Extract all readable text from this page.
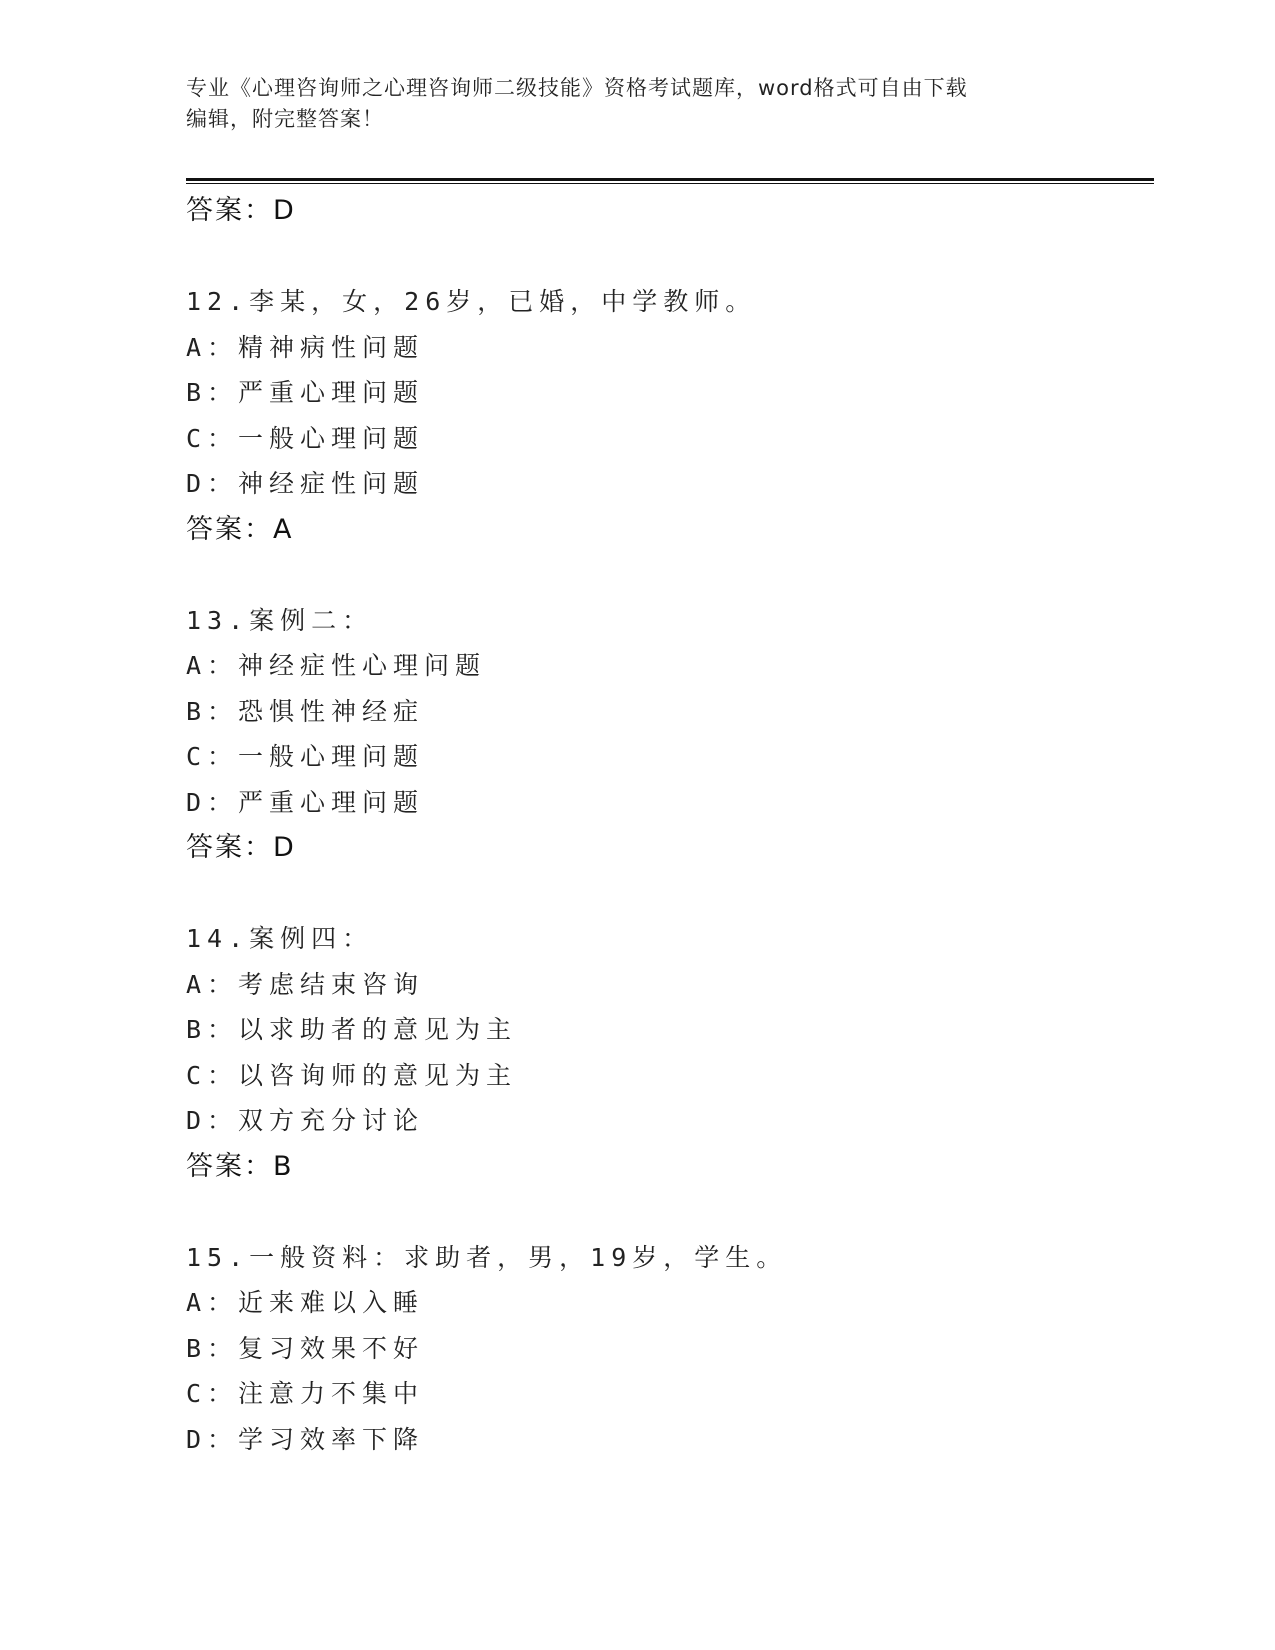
专业《心理咨询师之心理咨询师二级技能》资格考试题库，word格式可自由下载
编辑，附完整答案！
答案：D
12.李某，女，26岁，已婚，中学教师。
A：精神病性问题
B：严重心理问题
C：一般心理问题
D：神经症性问题
答案：A
13.案例二：
A：神经症性心理问题
B：恐惧性神经症
C：一般心理问题
D：严重心理问题
答案：D
14.案例四：
A：考虑结束咨询
B：以求助者的意见为主
C：以咨询师的意见为主
D：双方充分讨论
答案：B
15.一般资料：求助者，男，19岁，学生。
A：近来难以入睡
B：复习效果不好
C：注意力不集中
D：学习效率下降
